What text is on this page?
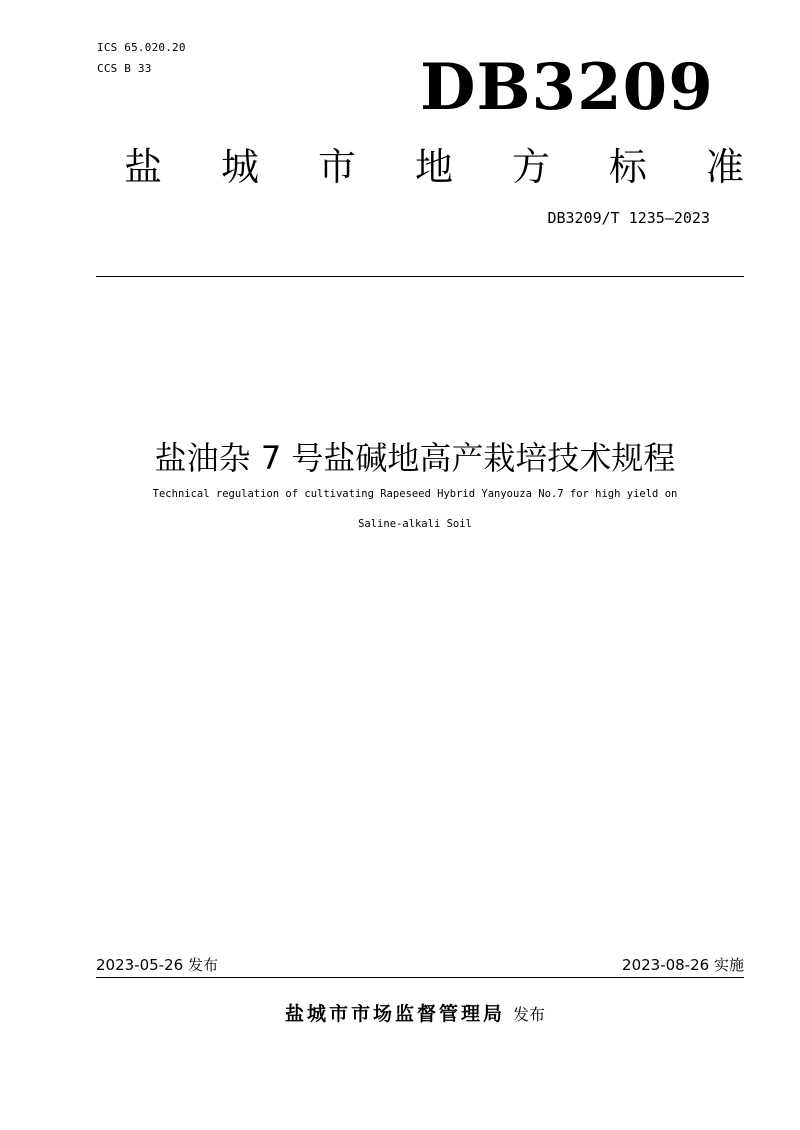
ICS 65.020.20
CCS B 33	DB3209
盐 城 市 地 方 标 准
DB3209/T 1235—2023
盐油杂 7 号盐碱地高产栽培技术规程
Technical regulation of cultivating Rapeseed Hybrid Yanyouza No.7 for high yield on
Saline-alkali Soil
2023-05-26 发布	2023-08-26 实施
盐城市市场监督管理局 发布
